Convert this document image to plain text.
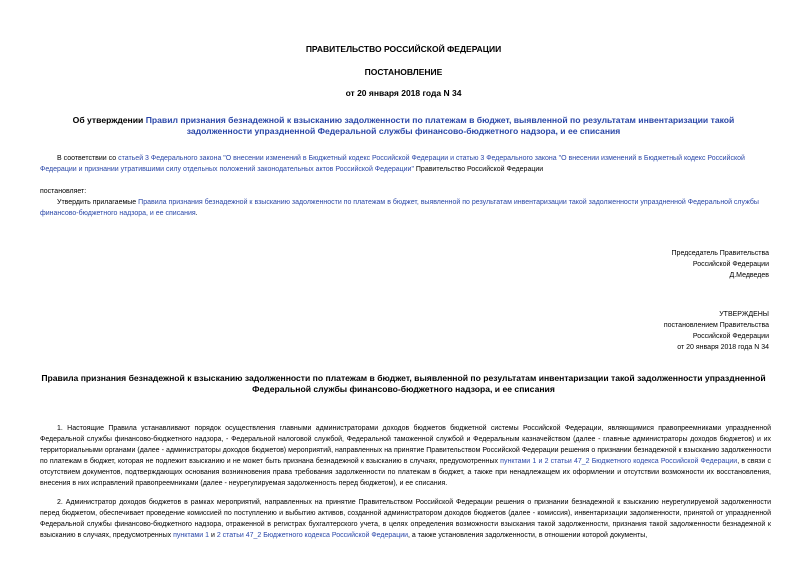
ПРАВИТЕЛЬСТВО РОССИЙСКОЙ ФЕДЕРАЦИИ
ПОСТАНОВЛЕНИЕ
от 20 января 2018 года N 34
Об утверждении Правил признания безнадежной к взысканию задолженности по платежам в бюджет, выявленной по результатам инвентаризации такой задолженности упраздненной Федеральной службы финансово-бюджетного надзора, и ее списания
В соответствии со статьей 3 Федерального закона "О внесении изменений в Бюджетный кодекс Российской Федерации и статью 3 Федерального закона "О внесении изменений в Бюджетный кодекс Российской Федерации и признании утратившими силу отдельных положений законодательных актов Российской Федерации" Правительство Российской Федерации
постановляет:
Утвердить прилагаемые Правила признания безнадежной к взысканию задолженности по платежам в бюджет, выявленной по результатам инвентаризации такой задолженности упраздненной Федеральной службы финансово-бюджетного надзора, и ее списания.
Председатель Правительства
Российской Федерации
Д.Медведев
УТВЕРЖДЕНЫ
постановлением Правительства
Российской Федерации
от 20 января 2018 года N 34
Правила признания безнадежной к взысканию задолженности по платежам в бюджет, выявленной по результатам инвентаризации такой задолженности упраздненной Федеральной службы финансово-бюджетного надзора, и ее списания
1. Настоящие Правила устанавливают порядок осуществления главными администраторами доходов бюджетов бюджетной системы Российской Федерации, являющимися правопреемниками упраздненной Федеральной службы финансово-бюджетного надзора, - Федеральной налоговой службой, Федеральной таможенной службой и Федеральным казначейством (далее - главные администраторы доходов бюджетов) и их территориальными органами (далее - администраторы доходов бюджетов) мероприятий, направленных на принятие Правительством Российской Федерации решения о признании безнадежной к взысканию задолженности по платежам в бюджет, которая не подлежит взысканию и не может быть признана безнадежной к взысканию в случаях, предусмотренных пунктами 1 и 2 статьи 47_2 Бюджетного кодекса Российской Федерации, в связи с отсутствием документов, подтверждающих основания возникновения права требования задолженности по платежам в бюджет, а также при ненадлежащем их оформлении и отсутствии возможности их восстановления, внесения в них исправлений правопреемниками (далее - неурегулируемая задолженность перед бюджетом), и ее списания.
2. Администратор доходов бюджетов в рамках мероприятий, направленных на принятие Правительством Российской Федерации решения о признании безнадежной к взысканию неурегулируемой задолженности перед бюджетом, обеспечивает проведение комиссией по поступлению и выбытию активов, созданной администратором доходов бюджетов (далее - комиссия), инвентаризации задолженности, принятой от упраздненной Федеральной службы финансово-бюджетного надзора, отраженной в регистрах бухгалтерского учета, в целях определения возможности взыскания такой задолженности, признания такой задолженности безнадежной к взысканию в случаях, предусмотренных пунктами 1 и 2 статьи 47_2 Бюджетного кодекса Российской Федерации, а также установления задолженности, в отношении которой документы,
